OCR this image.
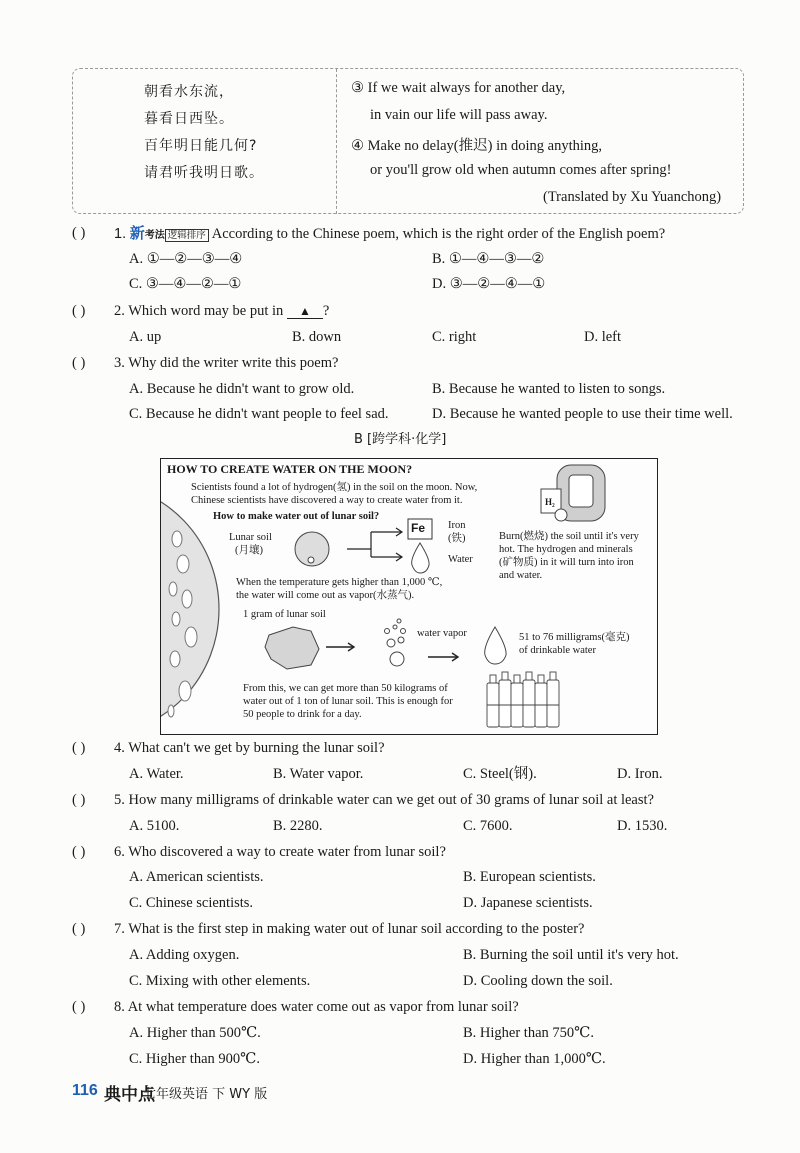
朝看水东流，
暮看日西坠。
百年明日能几何?
请君听我明日歌。
③ If we wait always for another day,
in vain our life will pass away.
④ Make no delay(推迟) in doing anything,
or you'll grow old when autumn comes after spring!
(Translated by Xu Yuanchong)
( ) 1. 新考法 逻辑排序 According to the Chinese poem, which is the right order of the English poem?
A. ①—②—③—④	B. ①—④—③—②
C. ③—④—②—①	D. ③—②—④—①
( ) 2. Which word may be put in ▲ ?
A. up	B. down	C. right	D. left
( ) 3. Why did the writer write this poem?
A. Because he didn't want to grow old.	B. Because he wanted to listen to songs.
C. Because he didn't want people to feel sad.	D. Because he wanted people to use their time well.
B [跨学科·化学]
HOW TO CREATE WATER ON THE MOON?
Scientists found a lot of hydrogen(氢) in the soil on the moon. Now,
Chinese scientists have discovered a way to create water from it.
How to make water out of lunar soil?
Lunar soil
(月壤)
Fe Iron
(铁)
Water
H₂
Burn(燃烧) the soil until it's very
hot. The hydrogen and minerals
(矿物质) in it will turn into iron
and water.
When the temperature gets higher than 1,000 ℃,
the water will come out as vapor(水蒸气).
1 gram of lunar soil
water vapor	51 to 76 milligrams(毫克)
of drinkable water
From this, we can get more than 50 kilograms of
water out of 1 ton of lunar soil. This is enough for
50 people to drink for a day.
( ) 4. What can't we get by burning the lunar soil?
A. Water.	B. Water vapor.	C. Steel(钢).	D. Iron.
( ) 5. How many milligrams of drinkable water can we get out of 30 grams of lunar soil at least?
A. 5100.	B. 2280.	C. 7600.	D. 1530.
( ) 6. Who discovered a way to create water from lunar soil?
A. American scientists.	B. European scientists.
C. Chinese scientists.	D. Japanese scientists.
( ) 7. What is the first step in making water out of lunar soil according to the poster?
A. Adding oxygen.	B. Burning the soil until it's very hot.
C. Mixing with other elements.	D. Cooling down the soil.
( ) 8. At what temperature does water come out as vapor from lunar soil?
A. Higher than 500℃.	B. Higher than 750℃.
C. Higher than 900℃.	D. Higher than 1,000℃.
116 典中点
七年级英语 下 WY 版
